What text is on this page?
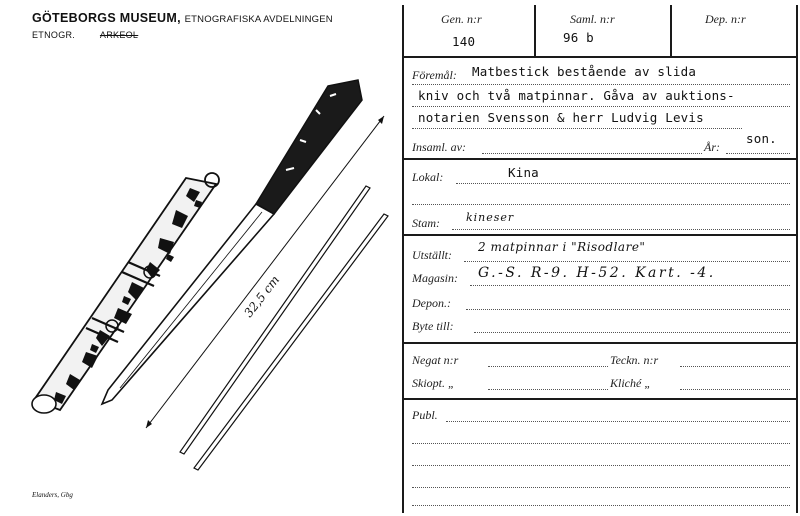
GÖTEBORGS MUSEUM, ETNOGRAFISKA AVDELNINGEN
ETNOGR.	ARKEOL
32,5 cm
Elanders, Gbg
Gen. n:r
140
Saml. n:r
96 b
Dep. n:r
Föremål: Matbestick bestående av slida
kniv och två matpinnar. Gåva av auktions-
notarien Svensson & herr Ludvig Levis
son.
Insaml. av:	År:
Lokal:	Kina
Stam: kineser
Utställt:
2 matpinnar i "Risodlare"
Magasin: G.-S. R-9. H-52. Kart. -4.
Depon.:
Byte till:
Negat n:r	Teckn. n:r
Skiopt. „	Kliché „
Publ.
